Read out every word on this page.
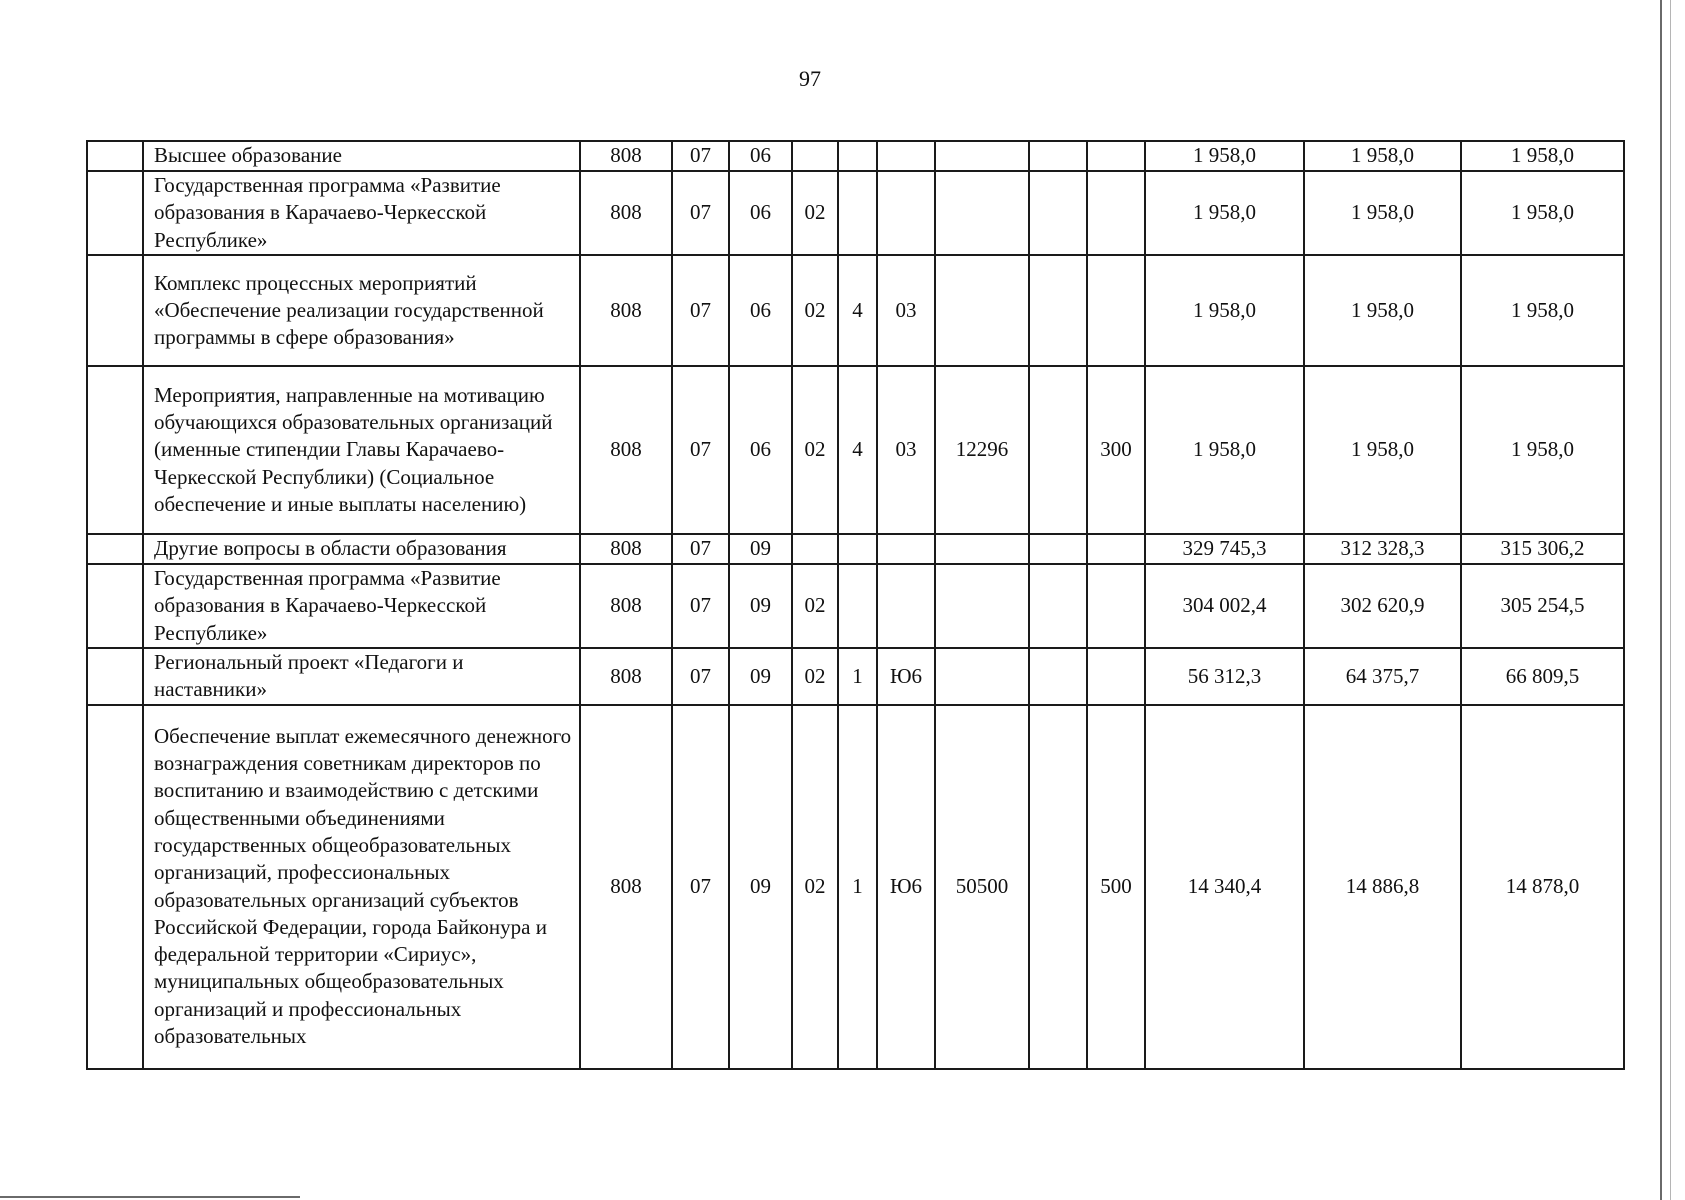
97
	Высшее образование	808	07	06							1 958,0	1 958,0	1 958,0
	Государственная программа «Развитие образования в Карачаево-Черкесской Республике»	808	07	06	02						1 958,0	1 958,0	1 958,0
	Комплекс процессных мероприятий «Обеспечение реализации государственной программы в сфере образования»	808	07	06	02	4	03				1 958,0	1 958,0	1 958,0
	Мероприятия, направленные на мотивацию обучающихся образовательных организаций (именные стипендии Главы Карачаево-Черкесской Республики) (Социальное обеспечение и иные выплаты населению)	808	07	06	02	4	03	12296		300	1 958,0	1 958,0	1 958,0
	Другие вопросы в области образования	808	07	09							329 745,3	312 328,3	315 306,2
	Государственная программа «Развитие образования в Карачаево-Черкесской Республике»	808	07	09	02						304 002,4	302 620,9	305 254,5
	Региональный проект «Педагоги и наставники»	808	07	09	02	1	Ю6				56 312,3	64 375,7	66 809,5
	Обеспечение выплат ежемесячного денежного вознаграждения советникам директоров по воспитанию и взаимодействию с детскими общественными объединениями государственных общеобразовательных организаций, профессиональных образовательных организаций субъектов Российской Федерации, города Байконура и федеральной территории «Сириус», муниципальных общеобразовательных организаций и профессиональных образовательных	808	07	09	02	1	Ю6	50500		500	14 340,4	14 886,8	14 878,0
